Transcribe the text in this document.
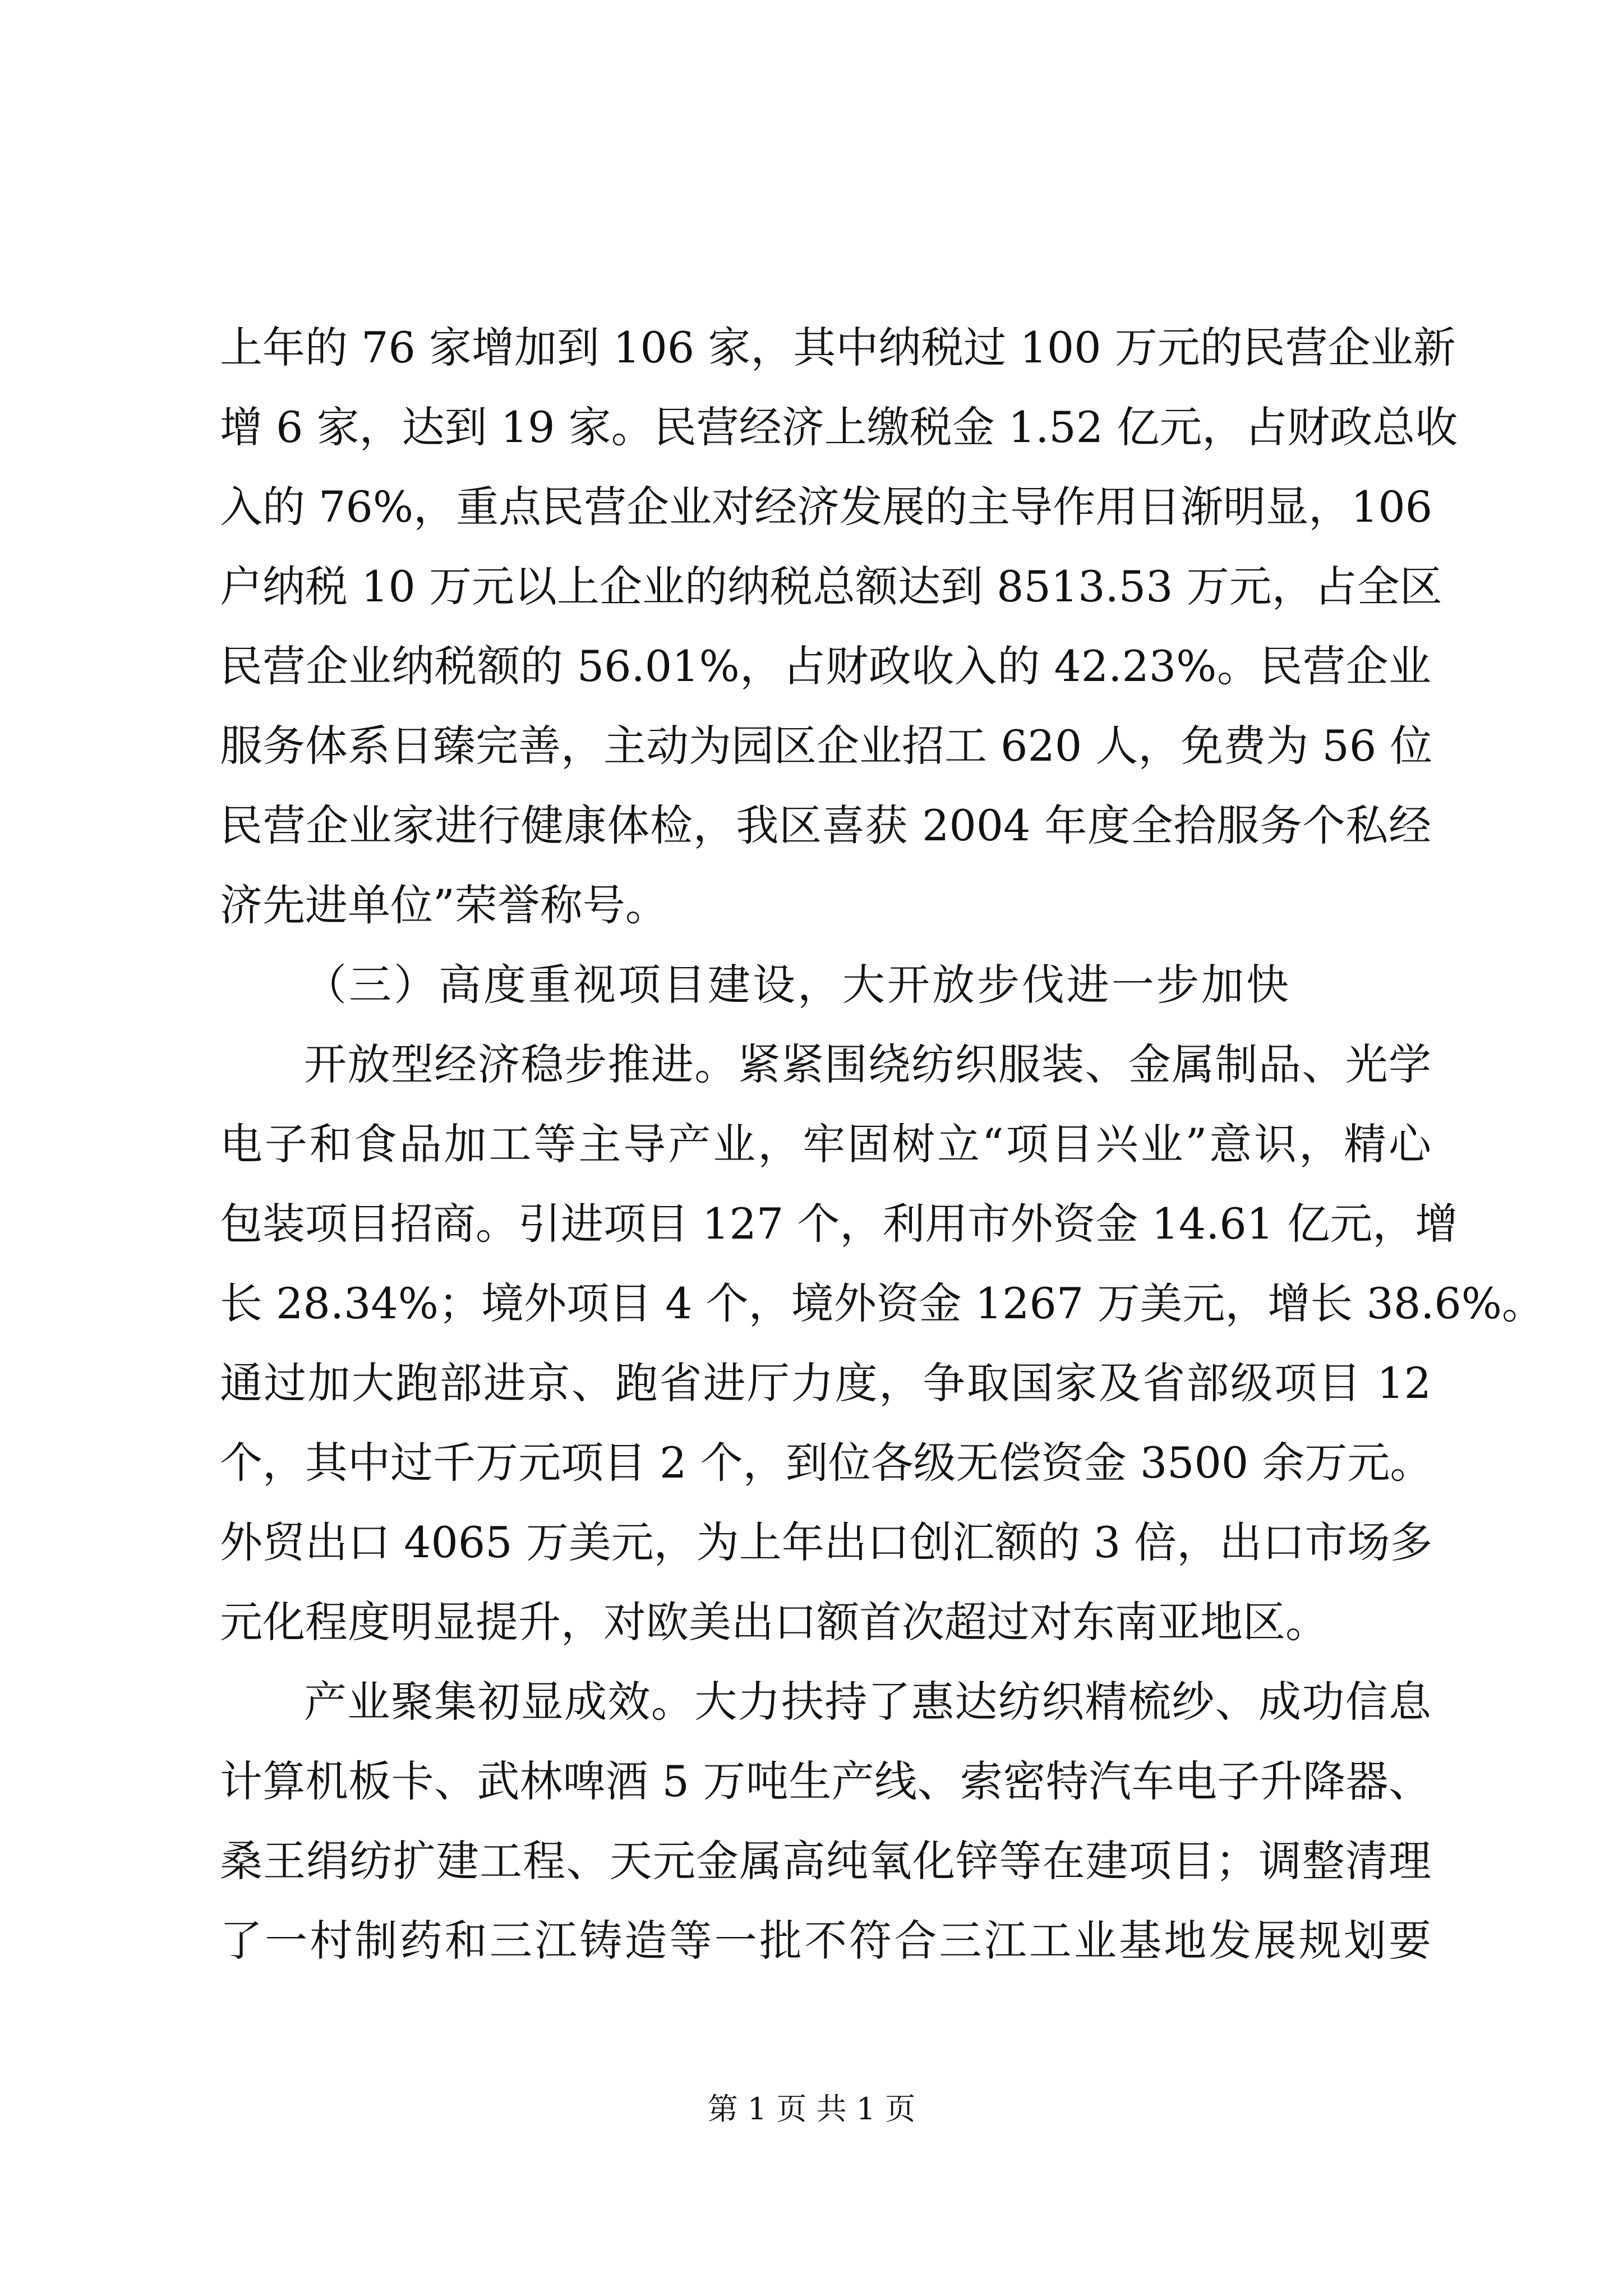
上年的 76 家增加到 106 家，其中纳税过 100 万元的民营企业新
增 6 家，达到 19 家。民营经济上缴税金 1.52 亿元，占财政总收
入的 76%，重点民营企业对经济发展的主导作用日渐明显，106
户纳税 10 万元以上企业的纳税总额达到 8513.53 万元，占全区
民营企业纳税额的 56.01%，占财政收入的 42.23%。民营企业
服务体系日臻完善，主动为园区企业招工 620 人，免费为 56 位
民营企业家进行健康体检，我区喜获 2004 年度全拾服务个私经
济先进单位”荣誉称号。
（三）高度重视项目建设，大开放步伐进一步加快
开放型经济稳步推进。紧紧围绕纺织服装、金属制品、光学
电子和食品加工等主导产业，牢固树立“项目兴业”意识，精心
包装项目招商。引进项目 127 个，利用市外资金 14.61 亿元，增
长 28.34%；境外项目 4 个，境外资金 1267 万美元，增长 38.6%。
通过加大跑部进京、跑省进厅力度，争取国家及省部级项目 12
个，其中过千万元项目 2 个，到位各级无偿资金 3500 余万元。
外贸出口 4065 万美元，为上年出口创汇额的 3 倍，出口市场多
元化程度明显提升，对欧美出口额首次超过对东南亚地区。
产业聚集初显成效。大力扶持了惠达纺织精梳纱、成功信息
计算机板卡、武林啤酒 5 万吨生产线、索密特汽车电子升降器、
桑王绢纺扩建工程、天元金属高纯氧化锌等在建项目；调整清理
了一村制药和三江铸造等一批不符合三江工业基地发展规划要
第 1 页 共 1 页
